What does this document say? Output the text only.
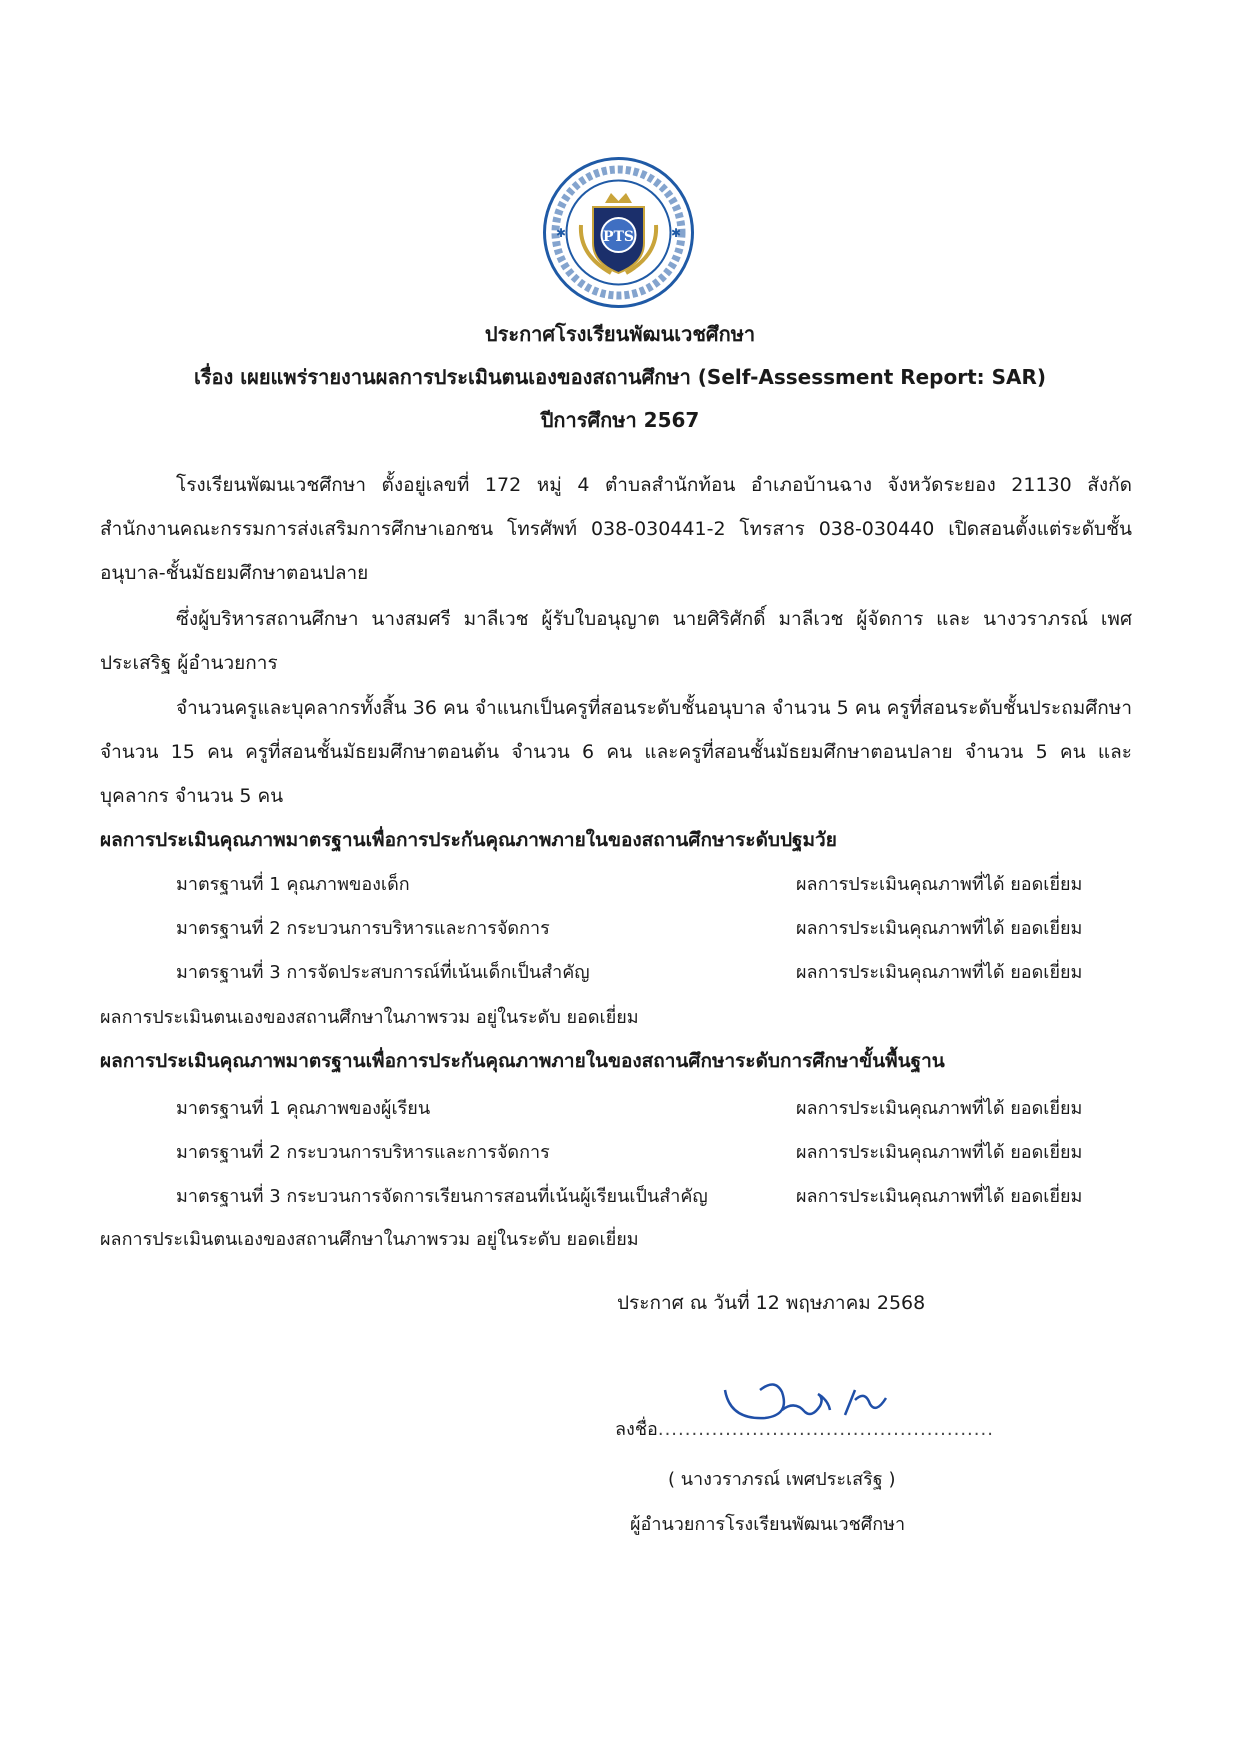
✱	✱
PTS
ประกาศโรงเรียนพัฒนเวชศึกษา
เรื่อง เผยแพร่รายงานผลการประเมินตนเองของสถานศึกษา (Self-Assessment Report: SAR)
ปีการศึกษา 2567
โรงเรียนพัฒนเวชศึกษา ตั้งอยู่เลขที่ 172 หมู่ 4 ตำบลสำนักท้อน อำเภอบ้านฉาง จังหวัดระยอง 21130 สังกัด สำนักงานคณะกรรมการส่งเสริมการศึกษาเอกชน โทรศัพท์ 038-030441-2 โทรสาร 038-030440 เปิดสอนตั้งแต่ระดับชั้นอนุบาล-ชั้นมัธยมศึกษาตอนปลาย
ซึ่งผู้บริหารสถานศึกษา นางสมศรี มาลีเวช ผู้รับใบอนุญาต นายศิริศักดิ์ มาลีเวช ผู้จัดการ และ นางวราภรณ์ เพศประเสริฐ ผู้อำนวยการ
จำนวนครูและบุคลากรทั้งสิ้น 36 คน จำแนกเป็นครูที่สอนระดับชั้นอนุบาล จำนวน 5 คน ครูที่สอนระดับชั้นประถมศึกษา จำนวน 15 คน ครูที่สอนชั้นมัธยมศึกษาตอนต้น จำนวน 6 คน และครูที่สอนชั้นมัธยมศึกษาตอนปลาย จำนวน 5 คน และบุคลากร จำนวน 5 คน
ผลการประเมินคุณภาพมาตรฐานเพื่อการประกันคุณภาพภายในของสถานศึกษาระดับปฐมวัย
มาตรฐานที่ 1 คุณภาพของเด็ก	ผลการประเมินคุณภาพที่ได้ ยอดเยี่ยม
มาตรฐานที่ 2 กระบวนการบริหารและการจัดการ	ผลการประเมินคุณภาพที่ได้ ยอดเยี่ยม
มาตรฐานที่ 3 การจัดประสบการณ์ที่เน้นเด็กเป็นสำคัญ	ผลการประเมินคุณภาพที่ได้ ยอดเยี่ยม
ผลการประเมินตนเองของสถานศึกษาในภาพรวม อยู่ในระดับ ยอดเยี่ยม
ผลการประเมินคุณภาพมาตรฐานเพื่อการประกันคุณภาพภายในของสถานศึกษาระดับการศึกษาขั้นพื้นฐาน
มาตรฐานที่ 1 คุณภาพของผู้เรียน	ผลการประเมินคุณภาพที่ได้ ยอดเยี่ยม
มาตรฐานที่ 2 กระบวนการบริหารและการจัดการ	ผลการประเมินคุณภาพที่ได้ ยอดเยี่ยม
มาตรฐานที่ 3 กระบวนการจัดการเรียนการสอนที่เน้นผู้เรียนเป็นสำคัญ	ผลการประเมินคุณภาพที่ได้ ยอดเยี่ยม
ผลการประเมินตนเองของสถานศึกษาในภาพรวม อยู่ในระดับ ยอดเยี่ยม
ประกาศ ณ วันที่ 12 พฤษภาคม 2568
ลงชื่อ..................................................
( นางวราภรณ์ เพศประเสริฐ )
ผู้อำนวยการโรงเรียนพัฒนเวชศึกษา
